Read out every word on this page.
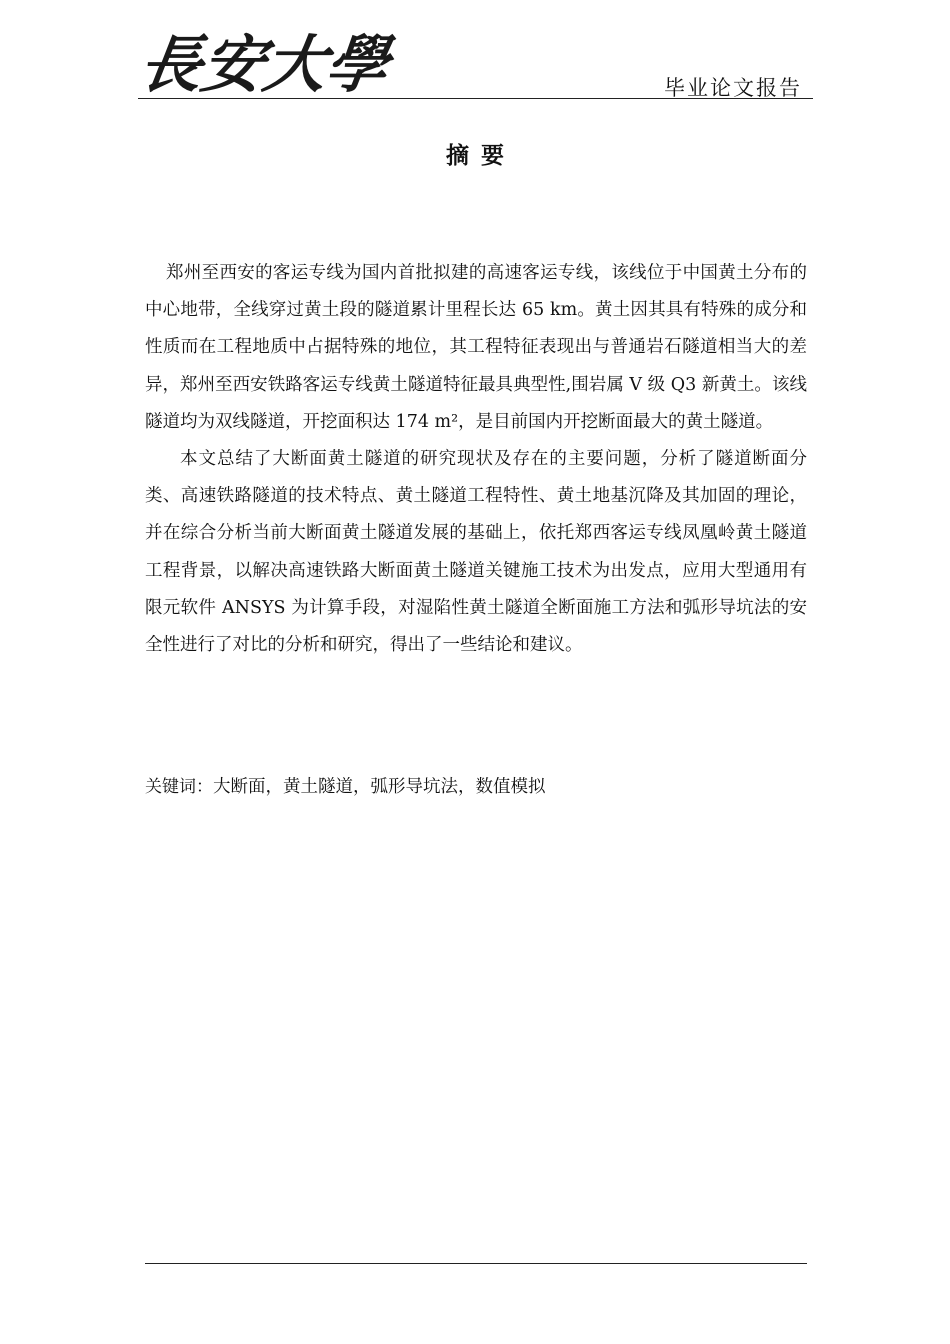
長安大學	毕业论文报告
摘要

郑州至西安的客运专线为国内首批拟建的高速客运专线，该线位于中国黄土分布的中心地带，全线穿过黄土段的隧道累计里程长达 65 km。黄土因其具有特殊的成分和性质而在工程地质中占据特殊的地位，其工程特征表现出与普通岩石隧道相当大的差异，郑州至西安铁路客运专线黄土隧道特征最具典型性,围岩属 V 级 Q3 新黄土。该线隧道均为双线隧道，开挖面积达 174 m²，是目前国内开挖断面最大的黄土隧道。

本文总结了大断面黄土隧道的研究现状及存在的主要问题，分析了隧道断面分类、高速铁路隧道的技术特点、黄土隧道工程特性、黄土地基沉降及其加固的理论，并在综合分析当前大断面黄土隧道发展的基础上，依托郑西客运专线凤凰岭黄土隧道工程背景，以解决高速铁路大断面黄土隧道关键施工技术为出发点，应用大型通用有限元软件 ANSYS 为计算手段，对湿陷性黄土隧道全断面施工方法和弧形导坑法的安全性进行了对比的分析和研究，得出了一些结论和建议。

关键词：大断面，黄土隧道，弧形导坑法，数值模拟
